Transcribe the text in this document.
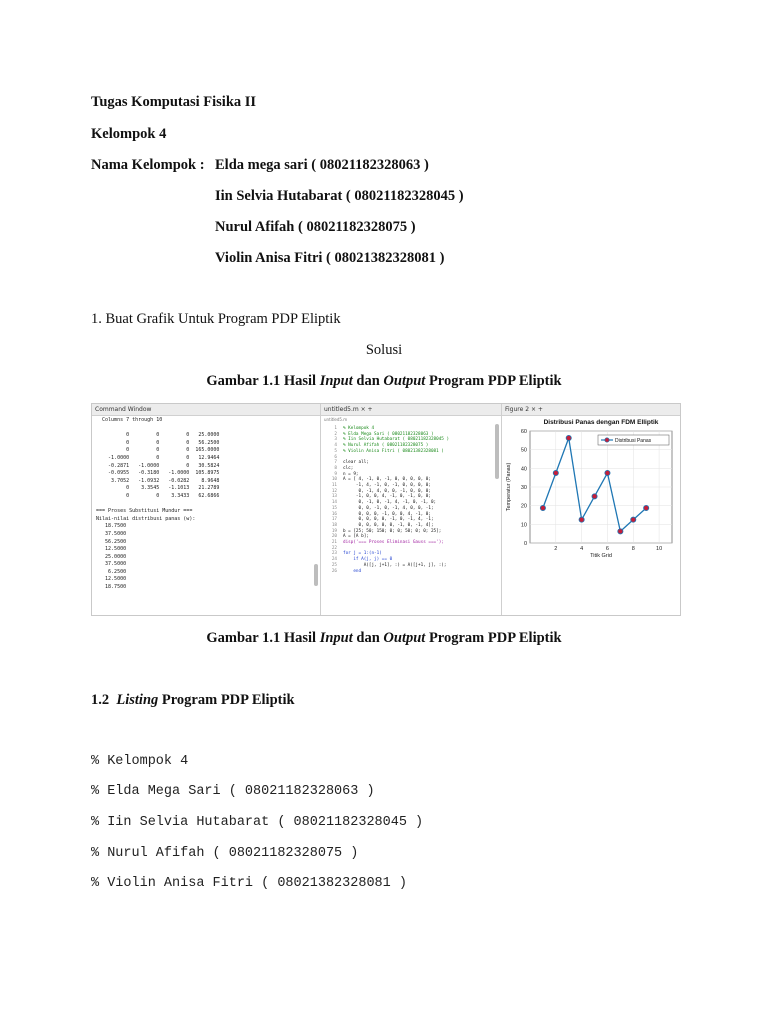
Tugas Komputasi Fisika II
Kelompok 4
Nama Kelompok : Elda mega sari ( 08021182328063 )
Iin Selvia Hutabarat ( 08021182328045 )
Nurul Afifah ( 08021182328075 )
Violin Anisa Fitri ( 08021382328081 )
1. Buat Grafik Untuk Program PDP Eliptik
Solusi
Gambar 1.1 Hasil Input dan Output Program PDP Eliptik
Command Window
Columns 7 through 10

0         0         0   25.0000
0         0         0   56.2500
0         0         0  165.0000
-1.0000         0         0   12.9464
-0.2871   -1.0000         0   30.5824
-0.0955   -0.3180   -1.0000  105.8975
3.7052   -1.0932   -0.0282    8.9648
0    3.3545   -1.1013   21.2789
0         0    3.3433   62.6866

=== Proses Substitusi Mundur ===
Nilai-nilai distribusi panas (w):
18.7500
37.5000
56.2500
12.5000
25.0000
37.5000
6.2500
12.5000
18.7500
untitled5.m × +
untitled5.m
1 % Kelompok 4
2 % Elda Mega Sari ( 08021182328063 )
3 % Iin Selvia Hutabarat ( 08021182328045 )
4 % Nurul Afifah ( 08021182328075 )
5 % Violin Anisa Fitri ( 08021382328081 )
6
7 clear all;
8 clc;
9 n = 9;
10 A = [ 4, -1, 0, -1, 0, 0, 0, 0, 0;
11     -1, 4, -1, 0, -1, 0, 0, 0, 0;
12      0, -1, 4, 0, 0, -1, 0, 0, 0;
13     -1, 0, 0, 4, -1, 0, -1, 0, 0;
14      0, -1, 0, -1, 4, -1, 0, -1, 0;
15      0, 0, -1, 0, -1, 4, 0, 0, -1;
16      0, 0, 0, -1, 0, 0, 4, -1, 0;
17      0, 0, 0, 0, -1, 0, -1, 4, -1;
18      0, 0, 0, 0, 0, -1, 0, -1, 4];
19 b = [25; 50; 150; 0; 0; 50; 0; 0; 25];
20 A = [A b];
21 disp('=== Proses Eliminasi Gauss ===');
22
23 for j = 1:(n-1)
24    if A(j, j) == 0
25        A([j, j+1], :) = A([j+1, j], :);
26    end
Figure 2 × +
Distribusi Panas dengan FDM Elliptik
0
10
20
30
40
50
60
2	4	6	8	10
Titik Grid
Temperatur (Panas)
Distribusi Panas
Gambar 1.1 Hasil Input dan Output Program PDP Eliptik
1.2  Listing Program PDP Eliptik
% Kelompok 4
% Elda Mega Sari ( 08021182328063 )
% Iin Selvia Hutabarat ( 08021182328045 )
% Nurul Afifah ( 08021182328075 )
% Violin Anisa Fitri ( 08021382328081 )
